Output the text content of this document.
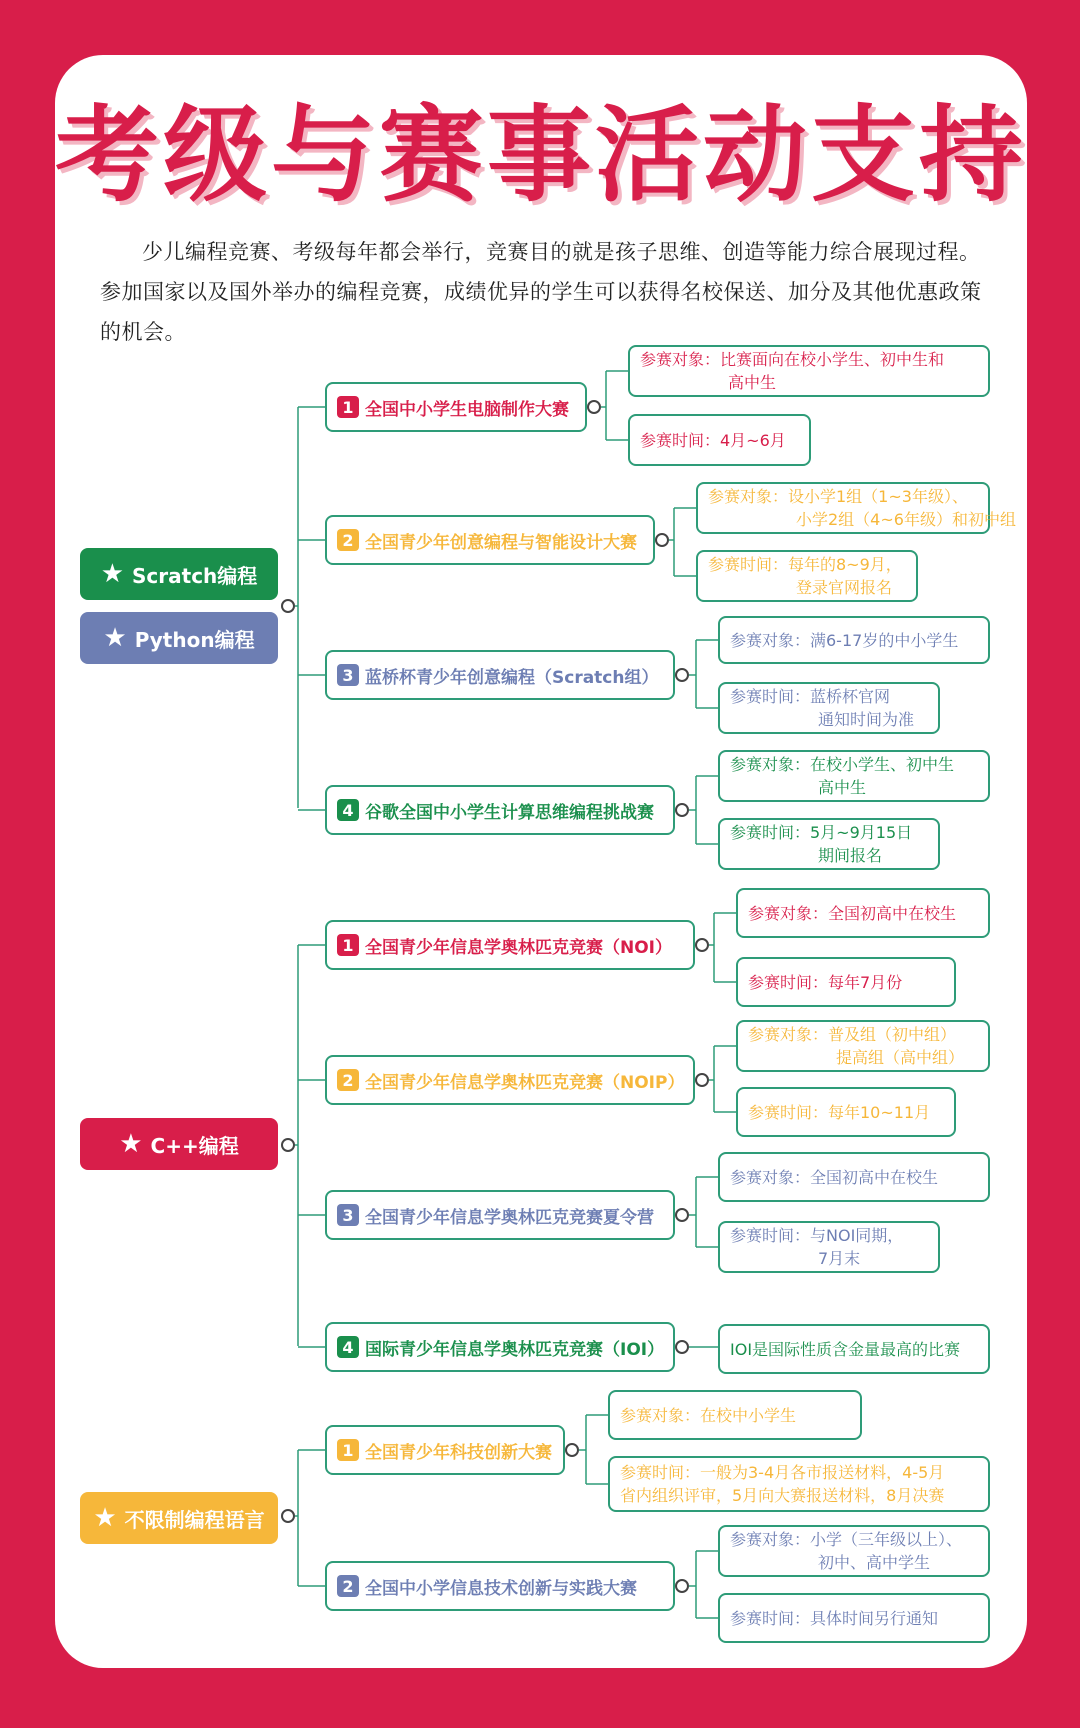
考级与赛事活动支持

少儿编程竞赛、考级每年都会举行，竞赛目的就是孩子思维、创造等能力综合展现过程。参加国家以及国外举办的编程竞赛，成绩优异的学生可以获得名校保送、加分及其他优惠政策的机会。

★ Scratch编程
★ Python编程
★ C++编程
★ 不限制编程语言
1 全国中小学生电脑制作大赛
参赛对象：比赛面向在校小学生、初中生和
高中生
参赛时间：4月~6月
2 全国青少年创意编程与智能设计大赛
参赛对象：设小学1组（1~3年级）、
小学2组（4~6年级）和初中组
参赛时间：每年的8~9月，
登录官网报名
3 蓝桥杯青少年创意编程（Scratch组）
参赛对象：满6-17岁的中小学生
参赛时间：蓝桥杯官网
通知时间为准
4 谷歌全国中小学生计算思维编程挑战赛
参赛对象：在校小学生、初中生
高中生
参赛时间：5月~9月15日
期间报名
1 全国青少年信息学奥林匹克竞赛（NOI）
参赛对象：全国初高中在校生
参赛时间：每年7月份
2 全国青少年信息学奥林匹克竞赛（NOIP）
参赛对象：普及组（初中组）
提高组（高中组）
参赛时间：每年10~11月
3 全国青少年信息学奥林匹克竞赛夏令营
参赛对象：全国初高中在校生
参赛时间：与NOI同期，
7月末
4 国际青少年信息学奥林匹克竞赛（IOI）	IOI是国际性质含金量最高的比赛
1 全国青少年科技创新大赛
参赛对象：在校中小学生
参赛时间：一般为3-4月各市报送材料，4-5月
省内组织评审，5月向大赛报送材料，8月决赛
2 全国中小学信息技术创新与实践大赛
参赛对象：小学（三年级以上）、
初中、高中学生
参赛时间：具体时间另行通知
